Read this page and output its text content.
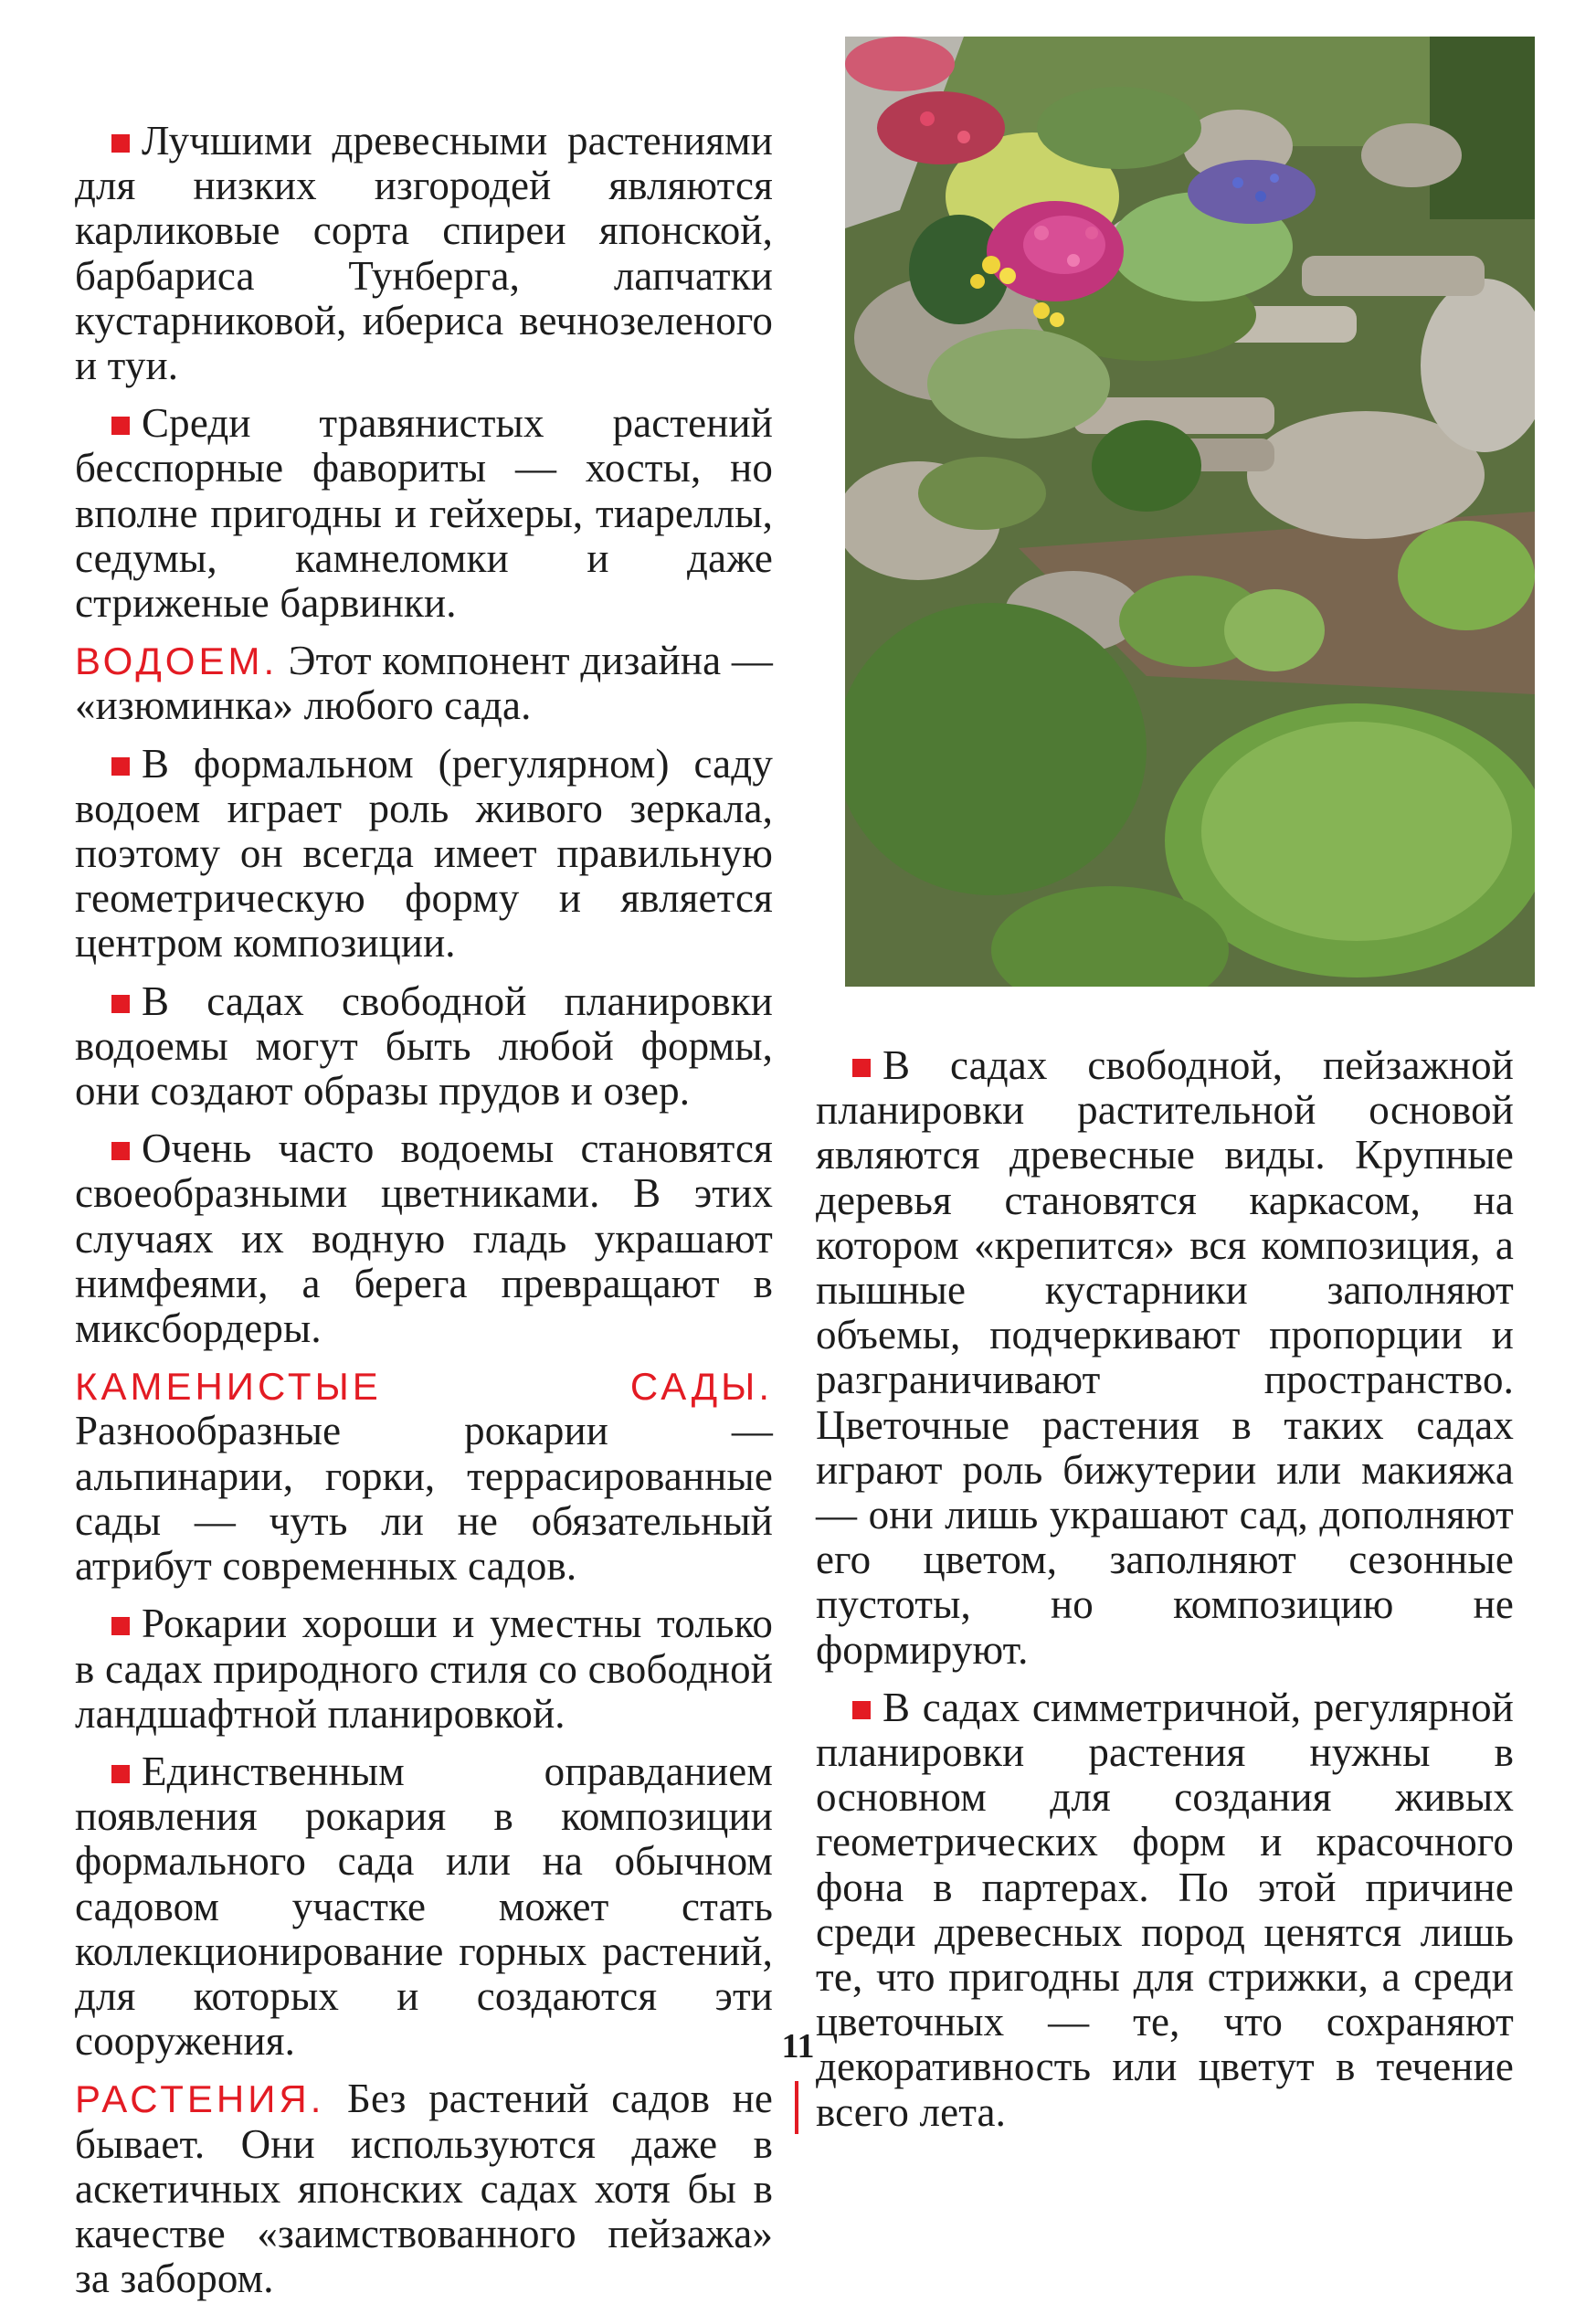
Лучшими древесными растениями для низких изгородей являются карликовые сорта спиреи японской, барбариса Тунберга, лапчатки кустарниковой, ибериса вечнозеленого и туи.

Среди травянистых растений бесспорные фавориты — хосты, но вполне пригодны и гейхеры, тиареллы, седумы, камнеломки и даже стриженые барвинки.

ВОДОЕМ. Этот компонент дизайна — «изюминка» любого сада.

В формальном (регулярном) саду водоем играет роль живого зеркала, поэтому он всегда имеет правильную геометрическую форму и является центром композиции.

В садах свободной планировки водоемы могут быть любой формы, они создают образы прудов и озер.

Очень часто водоемы становятся своеобразными цветниками. В этих случаях их водную гладь украшают нимфеями, а берега превращают в миксбордеры.

КАМЕНИСТЫЕ САДЫ. Разнообразные рокарии — альпинарии, горки, террасированные сады — чуть ли не обязательный атрибут современных садов.

Рокарии хороши и уместны только в садах природного стиля со свободной ландшафтной планировкой.

Единственным оправданием появления рокария в композиции формального сада или на обычном садовом участке может стать коллекционирование горных растений, для которых и создаются эти сооружения.

РАСТЕНИЯ. Без растений садов не бывает. Они используются даже в аскетичных японских садах хотя бы в качестве «заимствованного пейзажа» за забором.

В садах свободной, пейзажной планировки растительной основой являются древесные виды. Крупные деревья становятся каркасом, на котором «крепится» вся композиция, а пышные кустарники заполняют объемы, подчеркивают пропорции и разграничивают пространство. Цветочные растения в таких садах играют роль бижутерии или макияжа — они лишь украшают сад, дополняют его цветом, заполняют сезонные пустоты, но композицию не формируют.

В садах симметричной, регулярной планировки растения нужны в основном для создания живых геометрических форм и красочного фона в партерах. По этой причине среди древесных пород ценятся лишь те, что пригодны для стрижки, а среди цветочных — те, что сохраняют декоративность или цветут в течение всего лета.

11
